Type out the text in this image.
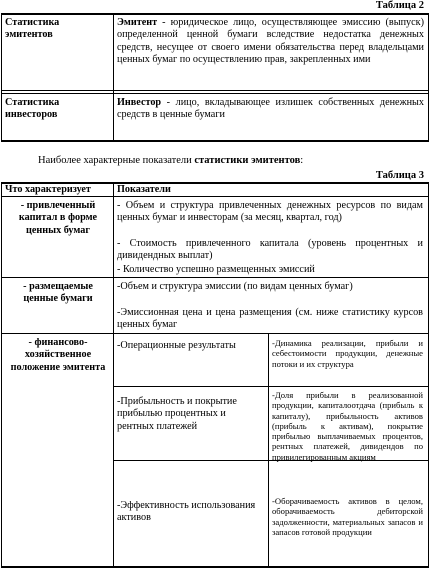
Таблица 2
Статистика эмитентов
Эмитент - юридическое лицо, осуществляющее эмиссию (выпуск) определенной ценной бумаги вследствие недостатка денежных средств, несущее от своего имени обязательства перед владельцами ценных бумаг по осуществлению прав, закрепленных ими
Статистика инвесторов
Инвестор - лицо, вкладывающее излишек собственных денежных средств в ценные бумаги
Наиболее характерные показатели статистики эмитентов:
Таблица 3
Что характеризует	Показатели
- привлеченный капитал в форме ценных бумаг
- Объем и структура привлеченных денежных ресурсов по видам ценных бумаг и инвесторам (за месяц, квартал, год)
- Стоимость привлеченного капитала (уровень процентных и дивидендных выплат)
- Количество успешно размещенных эмиссий
- размещаемые ценные бумаги
-Объем и структура эмиссии (по видам ценных бумаг)
-Эмиссионная цена и цена размещения (см. ниже статистику курсов ценных бумаг
- финансово-хозяйственное положение эмитента
-Операционные результаты	-Динамика реализации, прибыли и себестоимости продукции, денежные потоки и их структура
-Прибыльность и покрытие прибылью процентных и рентных платежей
-Доля прибыли в реализованной продукции, капиталоотдача (прибыль к капиталу), прибыльность активов (прибыль к активам), покрытие прибылью выплачиваемых процентов, рентных платежей, дивидендов по привилегированным акциям
-Эффективность использования активов
-Оборачиваемость активов в целом, оборачиваемость дебиторской задолженности, материальных запасов и запасов готовой продукции
